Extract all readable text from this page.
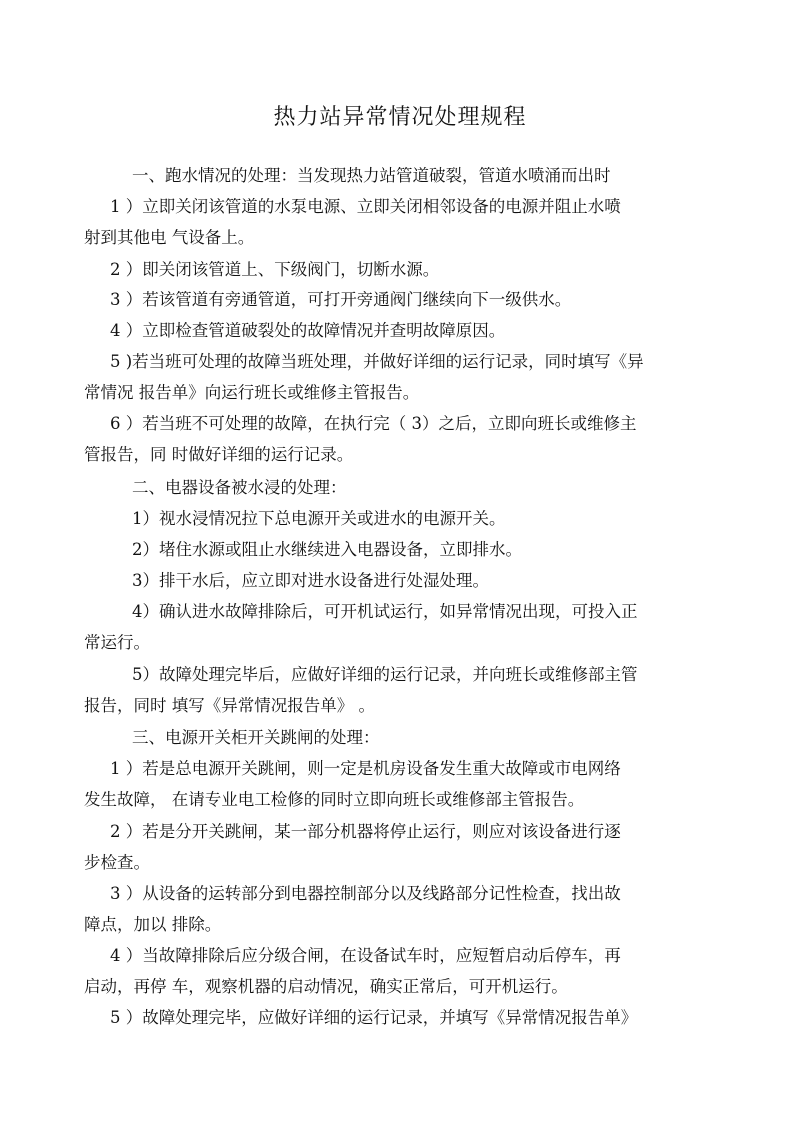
热力站异常情况处理规程
一、跑水情况的处理：当发现热力站管道破裂，管道水喷涌而出时
1 ）立即关闭该管道的水泵电源、立即关闭相邻设备的电源并阻止水喷
射到其他电 气设备上。
2 ）即关闭该管道上、下级阀门，切断水源。
3 ）若该管道有旁通管道，可打开旁通阀门继续向下一级供水。
4 ）立即检查管道破裂处的故障情况并查明故障原因。
5 )若当班可处理的故障当班处理，并做好详细的运行记录，同时填写《异
常情况 报告单》向运行班长或维修主管报告。
6 ）若当班不可处理的故障，在执行完（ 3）之后，立即向班长或维修主
管报告，同 时做好详细的运行记录。
二、电器设备被水浸的处理：
1）视水浸情况拉下总电源开关或进水的电源开关。
2）堵住水源或阻止水继续进入电器设备，立即排水。
3）排干水后，应立即对进水设备进行处湿处理。
4）确认进水故障排除后，可开机试运行，如异常情况出现，可投入正
常运行。
5）故障处理完毕后，应做好详细的运行记录，并向班长或维修部主管
报告，同时 填写《异常情况报告单》 。
三、电源开关柜开关跳闸的处理：
1 ）若是总电源开关跳闸，则一定是机房设备发生重大故障或市电网络
发生故障， 在请专业电工检修的同时立即向班长或维修部主管报告。
2 ）若是分开关跳闸，某一部分机器将停止运行，则应对该设备进行逐
步检查。
3 ）从设备的运转部分到电器控制部分以及线路部分记性检查，找出故
障点，加以 排除。
4 ）当故障排除后应分级合闸，在设备试车时，应短暂启动后停车，再
启动，再停 车，观察机器的启动情况，确实正常后，可开机运行。
5 ）故障处理完毕，应做好详细的运行记录，并填写《异常情况报告单》
